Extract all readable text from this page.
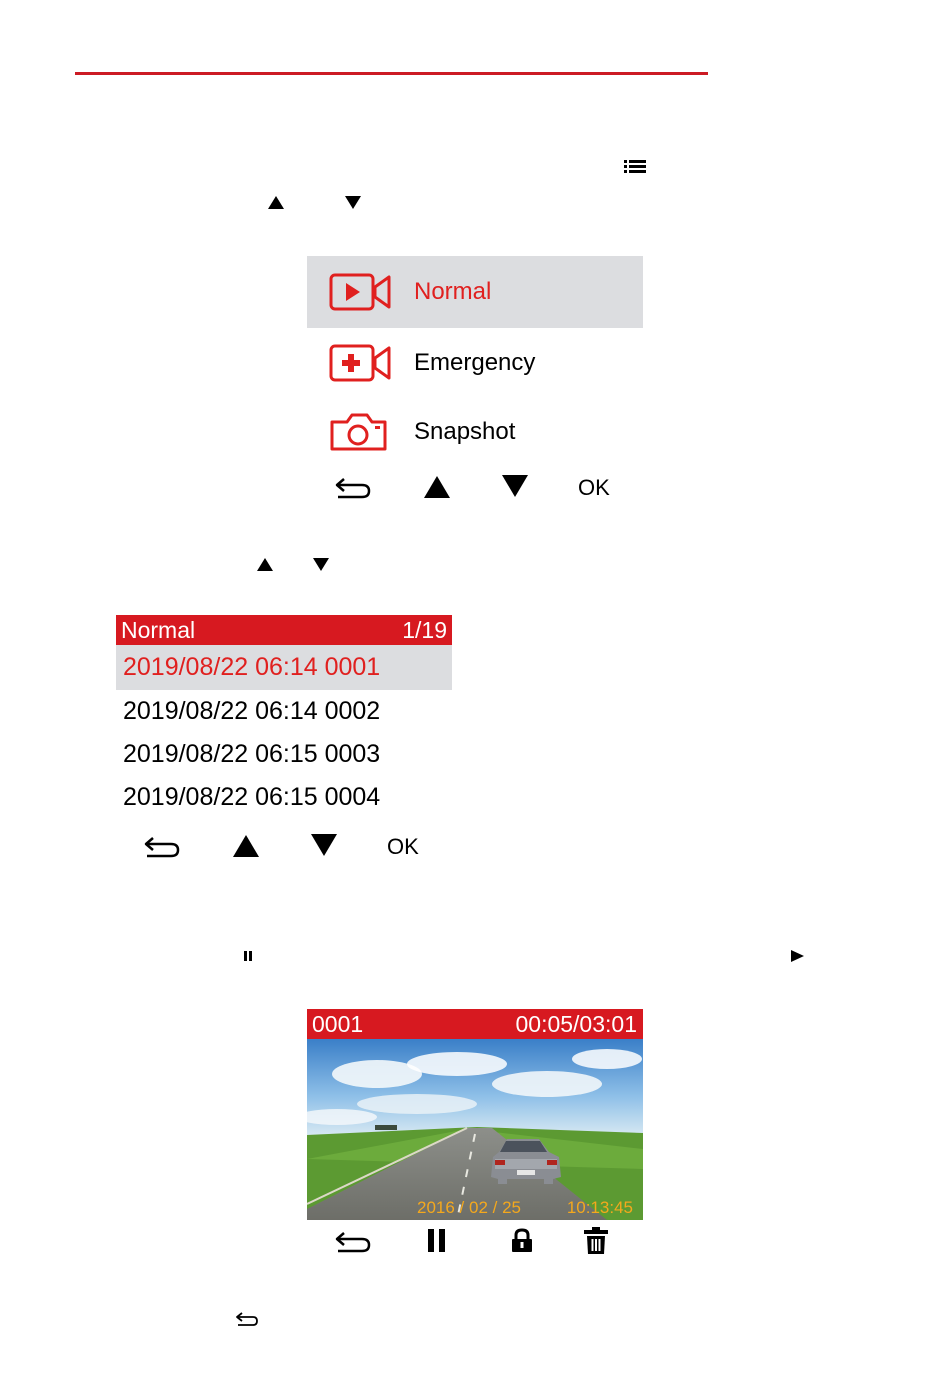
Normal
Emergency
Snapshot
OK
Normal	1/19
2019/08/22 06:14 0001
2019/08/22 06:14 0002
2019/08/22 06:15 0003
2019/08/22 06:15 0004
OK
0001	00:05/03:01
2016 / 02 / 25	10:13:45
